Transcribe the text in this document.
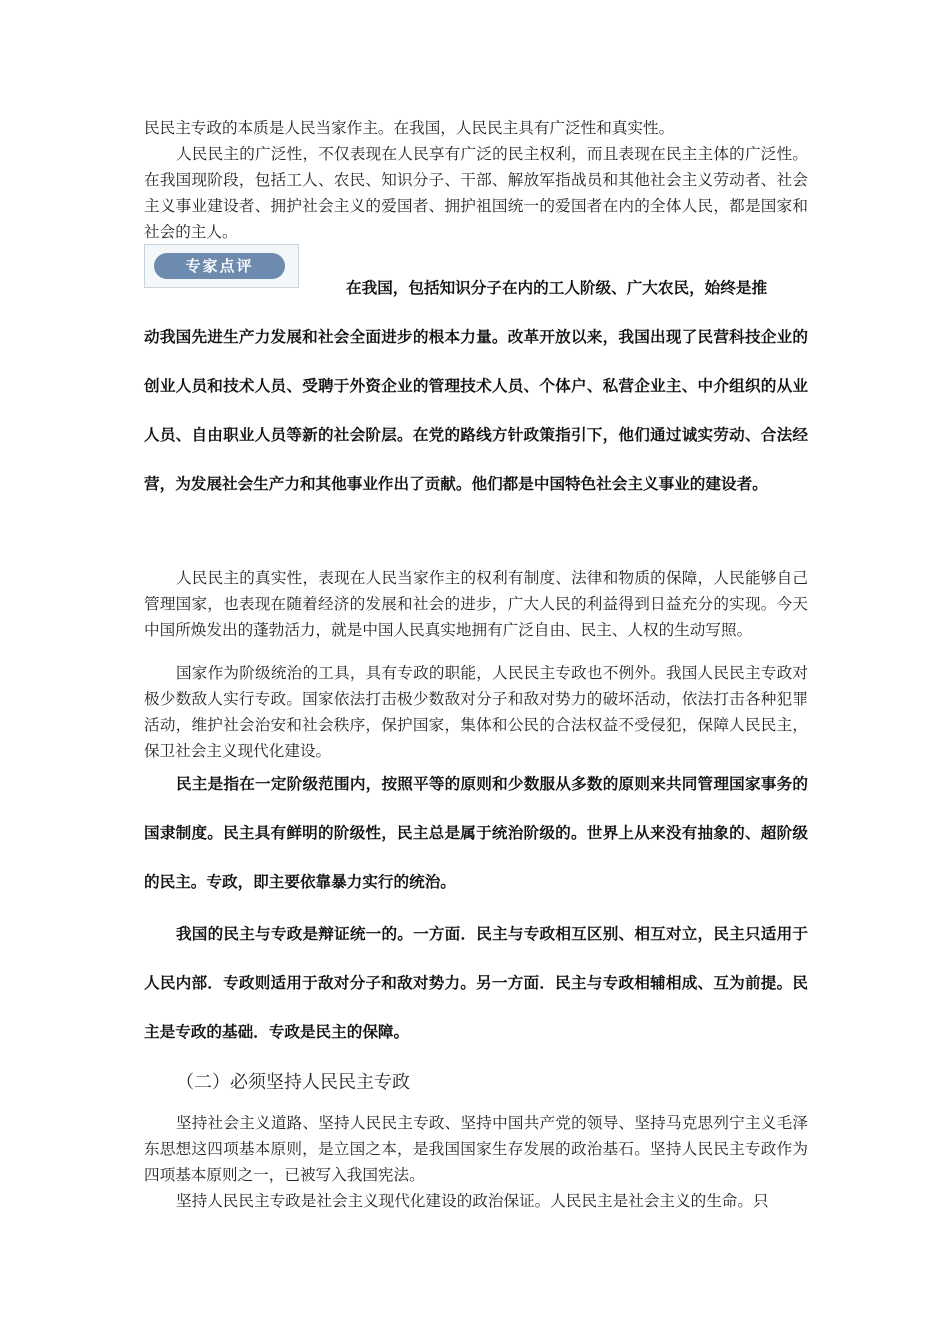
民民主专政的本质是人民当家作主。在我国，人民民主具有广泛性和真实性。

人民民主的广泛性，不仅表现在人民享有广泛的民主权利，而且表现在民主主体的广泛性。在我国现阶段，包括工人、农民、知识分子、干部、解放军指战员和其他社会主义劳动者、社会主义事业建设者、拥护社会主义的爱国者、拥护祖国统一的爱国者在内的全体人民，都是国家和社会的主人。

专家点评

在我国，包括知识分子在内的工人阶级、广大农民，始终是推

动我国先进生产力发展和社会全面进步的根本力量。改革开放以来，我国出现了民营科技企业的创业人员和技术人员、受聘于外资企业的管理技术人员、个体户、私营企业主、中介组织的从业人员、自由职业人员等新的社会阶层。在党的路线方针政策指引下，他们通过诚实劳动、合法经营，为发展社会生产力和其他事业作出了贡献。他们都是中国特色社会主义事业的建设者。

人民民主的真实性，表现在人民当家作主的权利有制度、法律和物质的保障，人民能够自己管理国家，也表现在随着经济的发展和社会的进步，广大人民的利益得到日益充分的实现。今天中国所焕发出的蓬勃活力，就是中国人民真实地拥有广泛自由、民主、人权的生动写照。

国家作为阶级统治的工具，具有专政的职能，人民民主专政也不例外。我国人民民主专政对极少数敌人实行专政。国家依法打击极少数敌对分子和敌对势力的破坏活动，依法打击各种犯罪活动，维护社会治安和社会秩序，保护国家，集体和公民的合法权益不受侵犯，保障人民民主，保卫社会主义现代化建设。

民主是指在一定阶级范围内，按照平等的原则和少数服从多数的原则来共同管理国家事务的国隶制度。民主具有鲜明的阶级性，民主总是属于统治阶级的。世界上从来没有抽象的、超阶级的民主。专政，即主要依靠暴力实行的统治。

我国的民主与专政是辩证统一的。一方面．民主与专政相互区别、相互对立，民主只适用于人民内部．专政则适用于敌对分子和敌对势力。另一方面．民主与专政相辅相成、互为前提。民主是专政的基础．专政是民主的保障。

（二）必须坚持人民民主专政

坚持社会主义道路、坚持人民民主专政、坚持中国共产党的领导、坚持马克思列宁主义毛泽东思想这四项基本原则，是立国之本，是我国国家生存发展的政治基石。坚持人民民主专政作为四项基本原则之一，已被写入我国宪法。

坚持人民民主专政是社会主义现代化建设的政治保证。人民民主是社会主义的生命。只
